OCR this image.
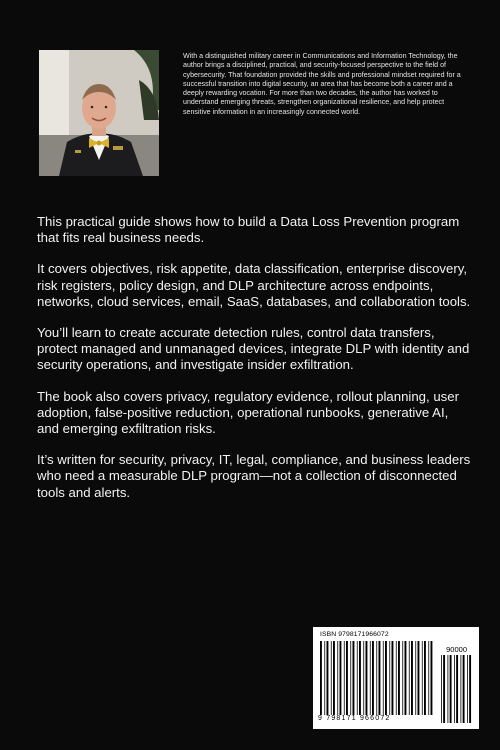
With a distinguished military career in Communications and Information Technology, the author brings a disciplined, practical, and security-focused perspective to the field of cybersecurity. That foundation provided the skills and professional mindset required for a successful transition into digital security, an area that has become both a career and a deeply rewarding vocation. For more than two decades, the author has worked to understand emerging threats, strengthen organizational resilience, and help protect sensitive information in an increasingly connected world.

This practical guide shows how to build a Data Loss Prevention program that fits real business needs.

It covers objectives, risk appetite, data classification, enterprise discovery, risk registers, policy design, and DLP architecture across endpoints, networks, cloud services, email, SaaS, databases, and collaboration tools.

You’ll learn to create accurate detection rules, control data transfers, protect managed and unmanaged devices, integrate DLP with identity and security operations, and investigate insider exfiltration.

The book also covers privacy, regulatory evidence, rollout planning, user adoption, false-positive reduction, operational runbooks, generative AI, and emerging exfiltration risks.

It’s written for security, privacy, IT, legal, compliance, and business leaders who need a measurable DLP program—not a collection of disconnected tools and alerts.

ISBN 9798171966072
90000
9 798171 966072
